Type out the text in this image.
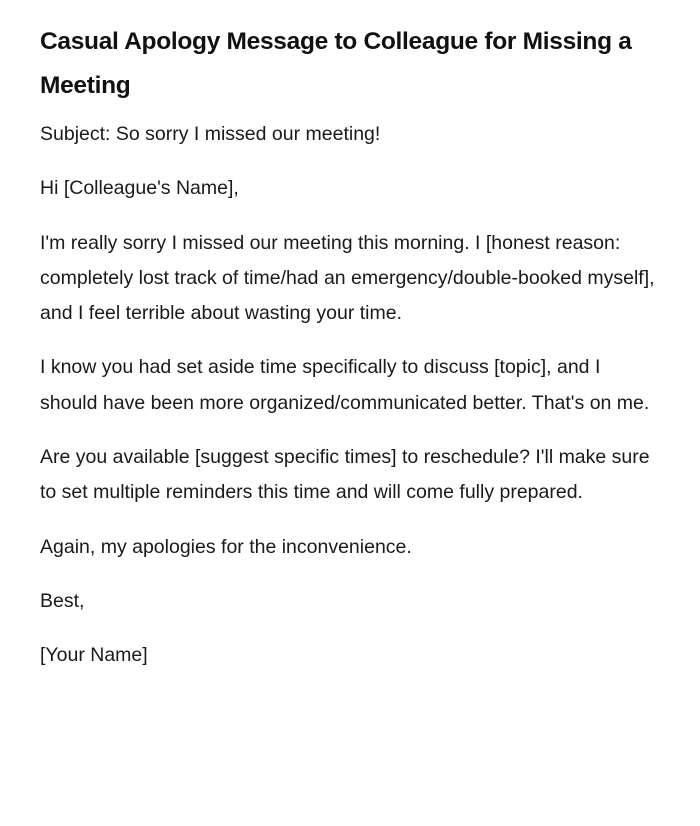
Casual Apology Message to Colleague for Missing a Meeting

Subject: So sorry I missed our meeting!

Hi [Colleague's Name],

I'm really sorry I missed our meeting this morning. I [honest reason: completely lost track of time/had an emergency/double-booked myself], and I feel terrible about wasting your time.

I know you had set aside time specifically to discuss [topic], and I should have been more organized/communicated better. That's on me.

Are you available [suggest specific times] to reschedule? I'll make sure to set multiple reminders this time and will come fully prepared.

Again, my apologies for the inconvenience.

Best,

[Your Name]
